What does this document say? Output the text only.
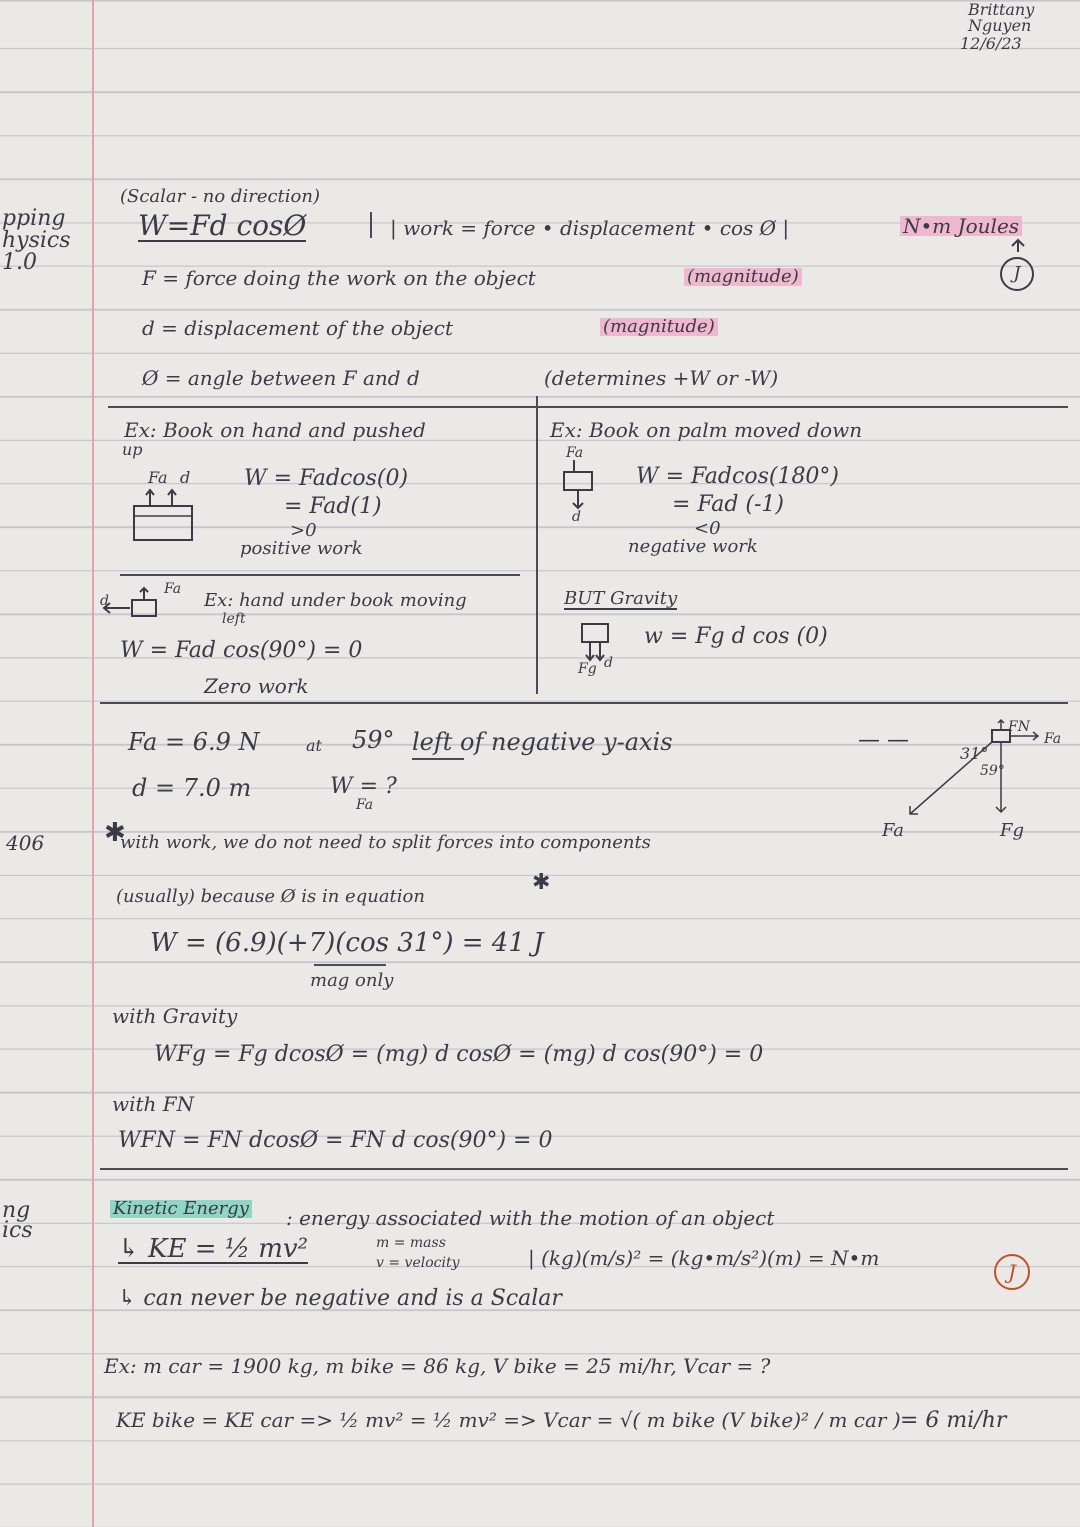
Brittany
Nguyen
12/6/23
pping
hysics
1.0
406
ng
ics
(Scalar - no direction)
W=Fd cosØ	| work = force • displacement • cos Ø |	N•m Joules
J
F = force doing the work on the object	(magnitude)
d = displacement of the object	(magnitude)
Ø = angle between F and d	(determines +W or -W)
Ex: Book on hand and pushed
up
Fa d W = Fadcos(0)
= Fad(1)
>0
positive work
Ex: Book on palm moved down
Fa
d
W = Fadcos(180°)
= Fad (-1)
<0
negative work
d
Fa
Ex: hand under book moving
left
W = Fad cos(90°) = 0
Zero work
BUT Gravity
Fg d
w = Fg d cos (0)
Fa = 6.9 N	at 59° left of negative y-axis
d = 7.0 m	W = ?
Fa
— —
FN
Fa
31°
59°
Fa	Fg
✱
with work, we do not need to split forces into components
(usually) because Ø is in equation
✱
W = (6.9)(+7)(cos 31°) = 41 J
mag only
with Gravity
WFg = Fg dcosØ = (mg) d cosØ = (mg) d cos(90°) = 0
with FN
WFN = FN dcosØ = FN d cos(90°) = 0
Kinetic Energy : energy associated with the motion of an object
↳ KE = ½ mv²	m = mass
v = velocity	| (kg)(m/s)² = (kg•m/s²)(m) = N•m
J
↳ can never be negative and is a Scalar
Ex: m car = 1900 kg, m bike = 86 kg, V bike = 25 mi/hr, Vcar = ?
KE bike = KE car => ½ mv² = ½ mv² => Vcar = √( m bike (V bike)² / m car ) = 6 mi/hr
